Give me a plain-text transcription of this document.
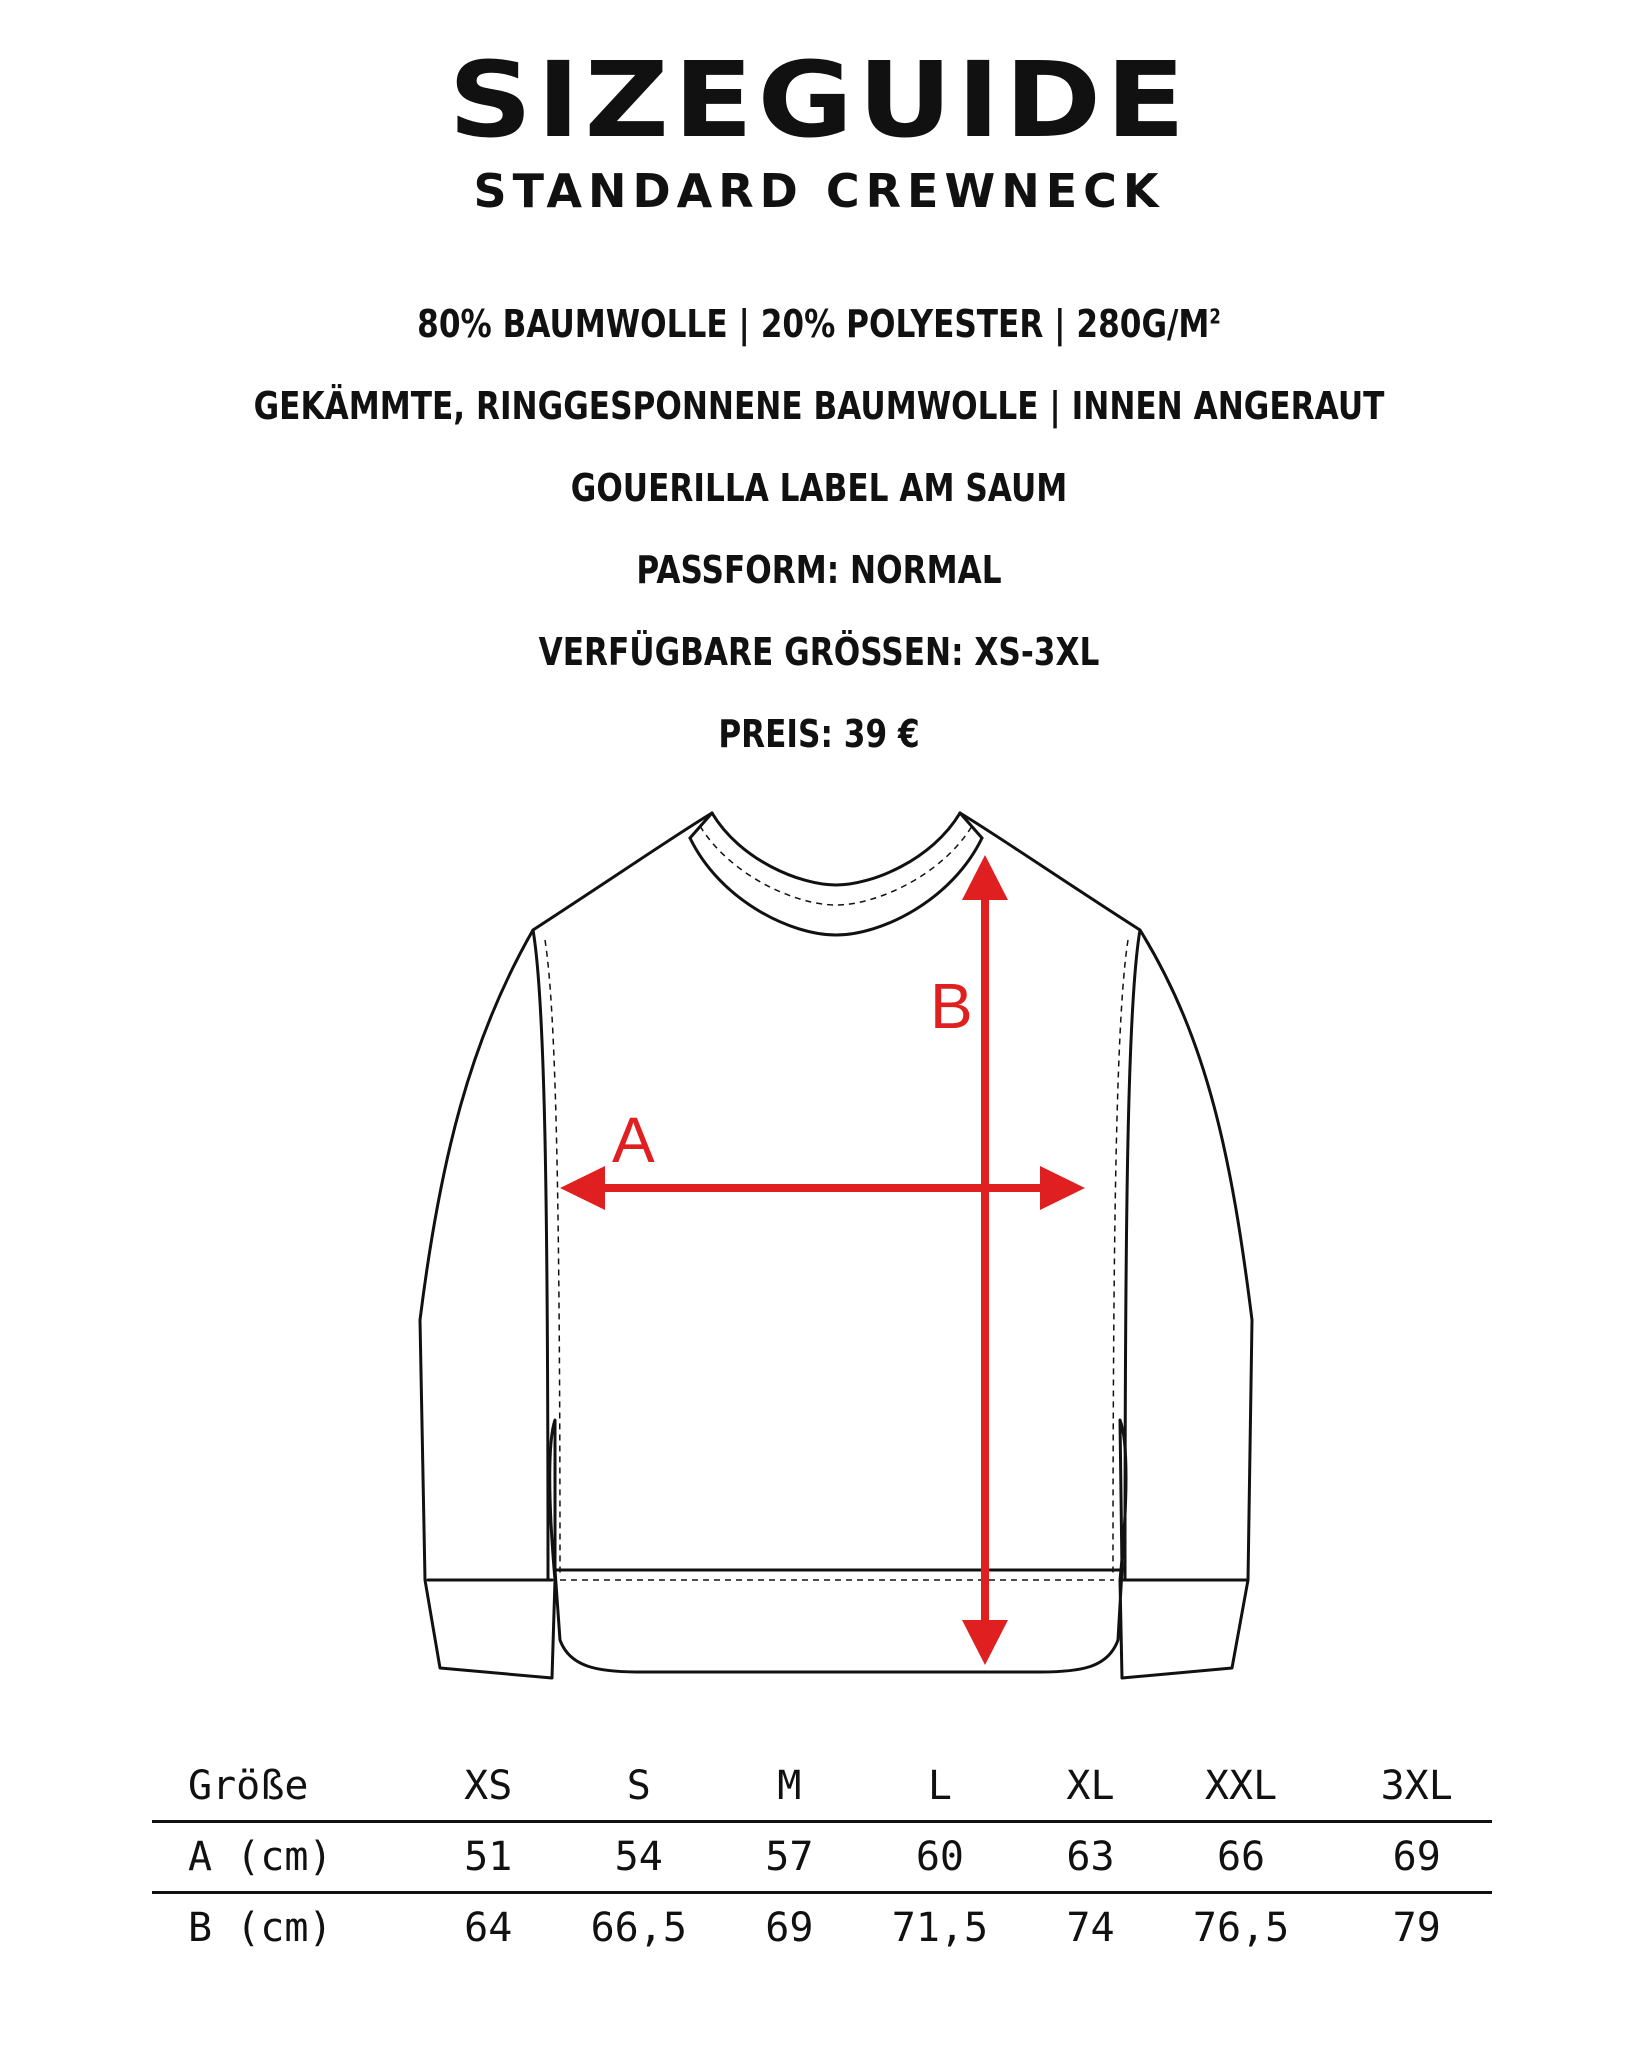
SIZEGUIDE
STANDARD CREWNECK
80% BAUMWOLLE | 20% POLYESTER | $280G/M^2$
GEKÄMMTE, RINGGESPONNENE BAUMWOLLE | INNEN ANGERAUT
GOUERILLA LABEL AM SAUM
PASSFORM: NORMAL
VERFÜGBARE GRÖSSEN: XS-3XL
PREIS: 39 €
A
B
Größe	XS	S	M	L	XL	XXL	3XL
A (cm)	51	54	57	60	63	66	69
B (cm)	64	66,5	69	71,5	74	76,5	79
